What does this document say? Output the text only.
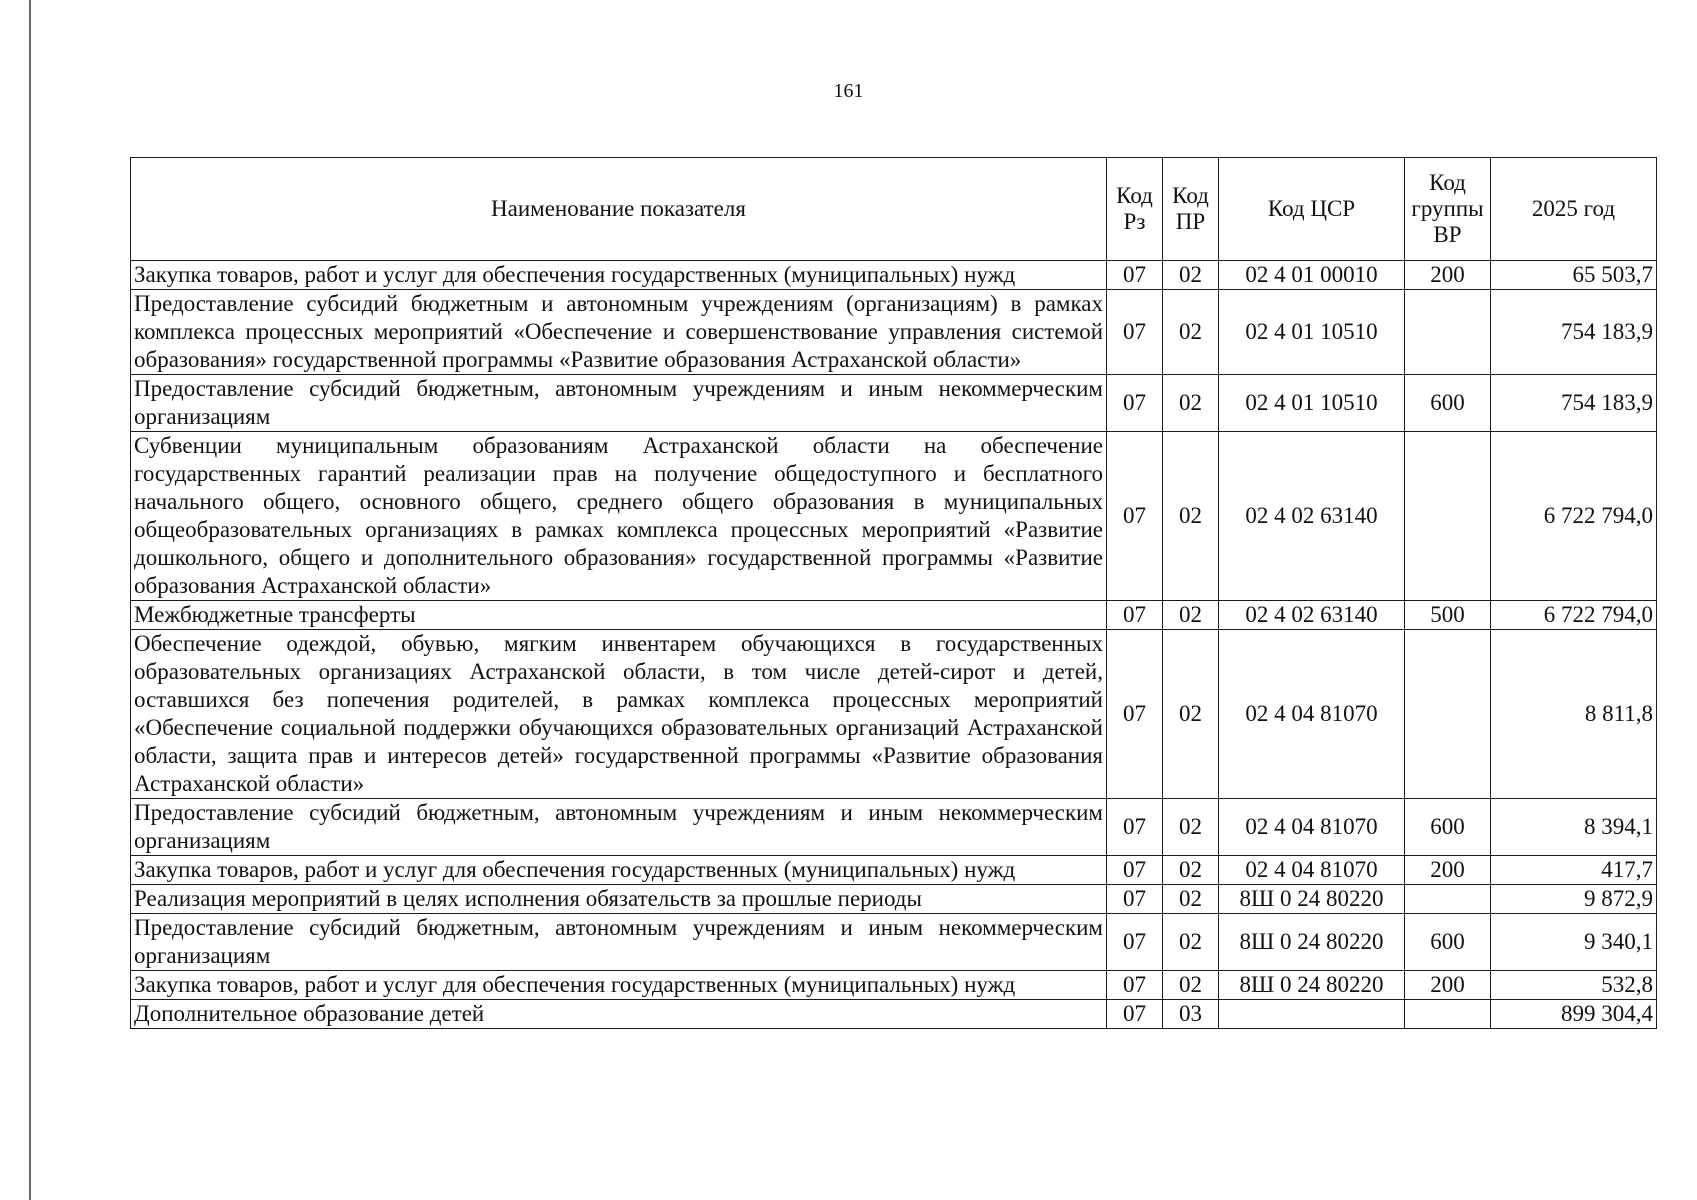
161
Наименование показателя	Код Рз	Код ПР	Код ЦСР	Код группы ВР	2025 год
Закупка товаров, работ и услуг для обеспечения государственных (муниципальных) нужд	07	02	02 4 01 00010	200	65 503,7
Предоставление субсидий бюджетным и автономным учреждениям (организациям) в рамках комплекса процессных мероприятий «Обеспечение и совершенствование управления системой образования» государственной программы «Развитие образования Астраханской области»	07	02	02 4 01 10510		754 183,9
Предоставление субсидий бюджетным, автономным учреждениям и иным некоммерческим организациям	07	02	02 4 01 10510	600	754 183,9
Субвенции муниципальным образованиям Астраханской области на обеспечение государственных гарантий реализации прав на получение общедоступного и бесплатного начального общего, основного общего, среднего общего образования в муниципальных общеобразовательных организациях в рамках комплекса процессных мероприятий «Развитие дошкольного, общего и дополнительного образования» государственной программы «Развитие образования Астраханской области»	07	02	02 4 02 63140		6 722 794,0
Межбюджетные трансферты	07	02	02 4 02 63140	500	6 722 794,0
Обеспечение одеждой, обувью, мягким инвентарем обучающихся в государственных образовательных организациях Астраханской области, в том числе детей-сирот и детей, оставшихся без попечения родителей, в рамках комплекса процессных мероприятий «Обеспечение социальной поддержки обучающихся образовательных организаций Астраханской области, защита прав и интересов детей» государственной программы «Развитие образования Астраханской области»	07	02	02 4 04 81070		8 811,8
Предоставление субсидий бюджетным, автономным учреждениям и иным некоммерческим организациям	07	02	02 4 04 81070	600	8 394,1
Закупка товаров, работ и услуг для обеспечения государственных (муниципальных) нужд	07	02	02 4 04 81070	200	417,7
Реализация мероприятий в целях исполнения обязательств за прошлые периоды	07	02	8Ш 0 24 80220		9 872,9
Предоставление субсидий бюджетным, автономным учреждениям и иным некоммерческим организациям	07	02	8Ш 0 24 80220	600	9 340,1
Закупка товаров, работ и услуг для обеспечения государственных (муниципальных) нужд	07	02	8Ш 0 24 80220	200	532,8
Дополнительное образование детей	07	03			899 304,4
